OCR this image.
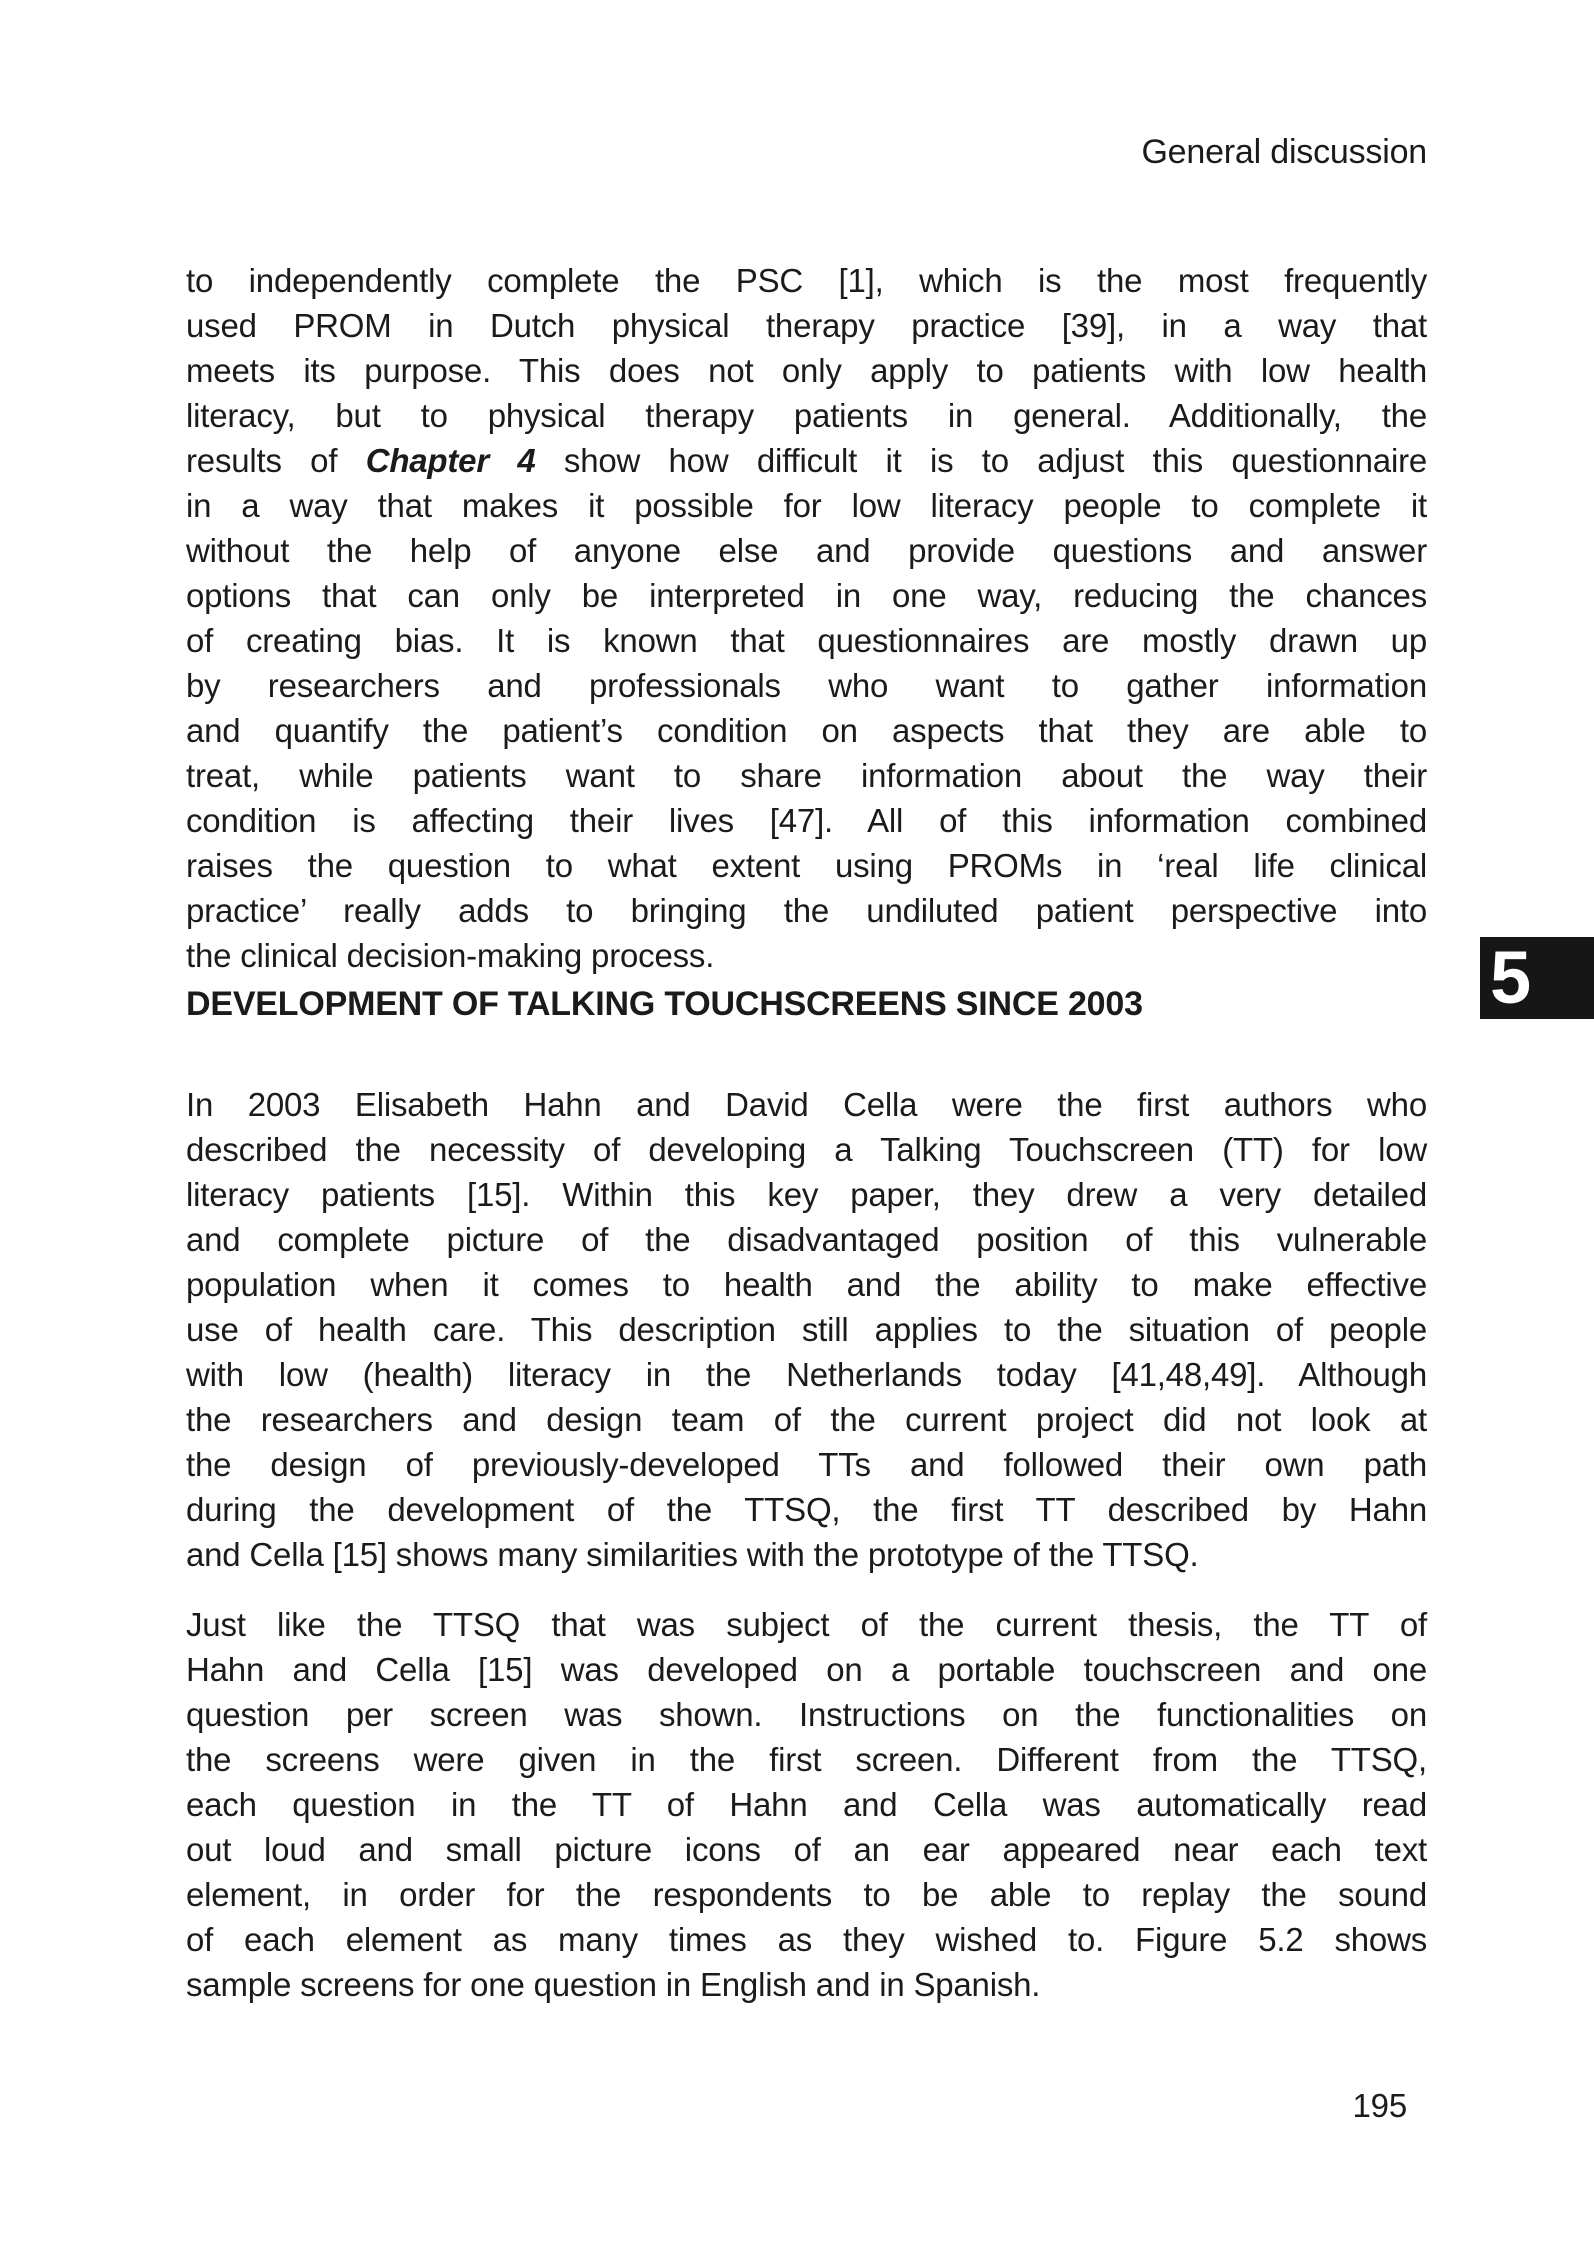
General discussion
to independently complete the PSC [1], which is the most frequently
used PROM in Dutch physical therapy practice [39], in a way that
meets its purpose. This does not only apply to patients with low health
literacy, but to physical therapy patients in general. Additionally, the
results of Chapter 4 show how difficult it is to adjust this questionnaire
in a way that makes it possible for low literacy people to complete it
without the help of anyone else and provide questions and answer
options that can only be interpreted in one way, reducing the chances
of creating bias. It is known that questionnaires are mostly drawn up
by researchers and professionals who want to gather information
and quantify the patient’s condition on aspects that they are able to
treat, while patients want to share information about the way their
condition is affecting their lives [47]. All of this information combined
raises the question to what extent using PROMs in ‘real life clinical
practice’ really adds to bringing the undiluted patient perspective into
the clinical decision-making process.
DEVELOPMENT OF TALKING TOUCHSCREENS SINCE 2003	5
In 2003 Elisabeth Hahn and David Cella were the first authors who
described the necessity of developing a Talking Touchscreen (TT) for low
literacy patients [15]. Within this key paper, they drew a very detailed
and complete picture of the disadvantaged position of this vulnerable
population when it comes to health and the ability to make effective
use of health care. This description still applies to the situation of people
with low (health) literacy in the Netherlands today [41,48,49]. Although
the researchers and design team of the current project did not look at
the design of previously-developed TTs and followed their own path
during the development of the TTSQ, the first TT described by Hahn
and Cella [15] shows many similarities with the prototype of the TTSQ.
Just like the TTSQ that was subject of the current thesis, the TT of
Hahn and Cella [15] was developed on a portable touchscreen and one
question per screen was shown. Instructions on the functionalities on
the screens were given in the first screen. Different from the TTSQ,
each question in the TT of Hahn and Cella was automatically read
out loud and small picture icons of an ear appeared near each text
element, in order for the respondents to be able to replay the sound
of each element as many times as they wished to. Figure 5.2 shows
sample screens for one question in English and in Spanish.
195
